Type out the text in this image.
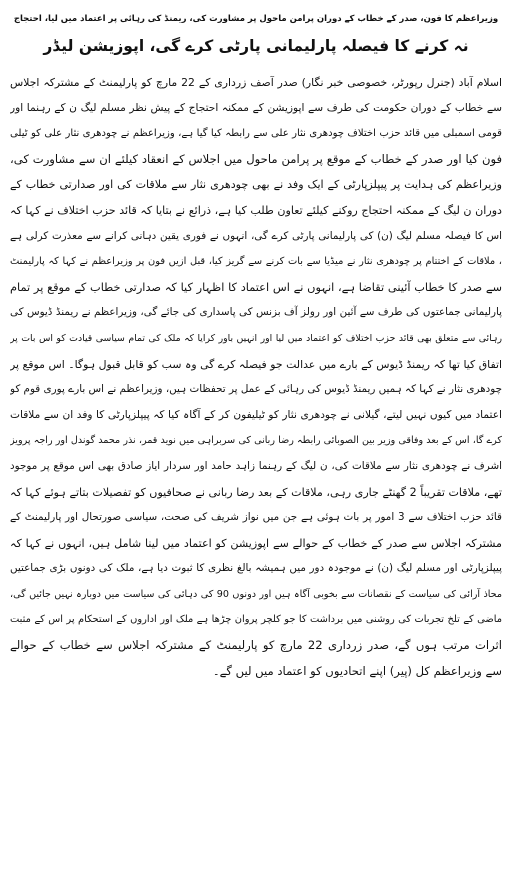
وزیراعظم کا فون، صدر کے خطاب کے دوران پرامن ماحول پر مشاورت کی، ریمنڈ کی رہائی پر اعتماد میں لیا، احتجاج
نہ کرنے کا فیصلہ پارلیمانی پارٹی کرے گی، اپوزیشن لیڈر
اسلام آباد (جنرل رپورٹر، خصوصی خبر نگار) صدر آصف زرداری کے 22 مارچ کو پارلیمنٹ کے مشترکہ اجلاس
سے خطاب کے دوران حکومت کی طرف سے اپوزیشن کے ممکنہ احتجاج کے پیش نظر مسلم لیگ ن کے رہنما اور
قومی اسمبلی میں قائد حزب اختلاف چودھری نثار علی سے رابطہ کیا گیا ہے، وزیراعظم نے چودھری نثار علی کو ٹیلی
فون کیا اور صدر کے خطاب کے موقع پر پرامن ماحول میں اجلاس کے انعقاد کیلئے ان سے مشاورت کی،
وزیراعظم کی ہدایت پر پیپلزپارٹی کے ایک وفد نے بھی چودھری نثار سے ملاقات کی اور صدارتی خطاب کے
دوران ن لیگ کے ممکنہ احتجاج روکنے کیلئے تعاون طلب کیا ہے، ذرائع نے بتایا کہ قائد حزب اختلاف نے کہا کہ
اس کا فیصلہ مسلم لیگ (ن) کی پارلیمانی پارٹی کرے گی، انہوں نے فوری یقین دہانی کرانے سے معذرت کرلی ہے
، ملاقات کے اختتام پر چودھری نثار نے میڈیا سے بات کرنے سے گریز کیا، قبل ازیں فون پر وزیراعظم نے کہا کہ پارلیمنٹ
سے صدر کا خطاب آئینی تقاضا ہے، انہوں نے اس اعتماد کا اظہار کیا کہ صدارتی خطاب کے موقع پر تمام
پارلیمانی جماعتوں کی طرف سے آئین اور رولز آف بزنس کی پاسداری کی جائے گی، وزیراعظم نے ریمنڈ ڈیوس کی
رہائی سے متعلق بھی قائد حزب اختلاف کو اعتماد میں لیا اور انہیں باور کرایا کہ ملک کی تمام سیاسی قیادت کو اس بات پر
اتفاق کیا تھا کہ ریمنڈ ڈیوس کے بارے میں عدالت جو فیصلہ کرے گی وہ سب کو قابل قبول ہوگا۔ اس موقع پر
چودھری نثار نے کہا کہ ہمیں ریمنڈ ڈیوس کی رہائی کے عمل پر تحفظات ہیں، وزیراعظم نے اس بارے پوری قوم کو
اعتماد میں کیوں نہیں لیتے، گیلانی نے چودھری نثار کو ٹیلیفون کر کے آگاہ کیا کہ پیپلزپارٹی کا وفد ان سے ملاقات
کرے گا، اس کے بعد وفاقی وزیر بین الصوبائی رابطہ رضا ربانی کی سربراہی میں نوید قمر، نذر محمد گوندل اور راجہ پرویز
اشرف نے چودھری نثار سے ملاقات کی، ن لیگ کے رہنما زاہد حامد اور سردار ایاز صادق بھی اس موقع پر موجود
تھے، ملاقات تقریباً 2 گھنٹے جاری رہی، ملاقات کے بعد رضا ربانی نے صحافیوں کو تفصیلات بتاتے ہوئے کہا کہ
قائد حزب اختلاف سے 3 امور پر بات ہوئی ہے جن میں نواز شریف کی صحت، سیاسی صورتحال اور پارلیمنٹ کے
مشترکہ اجلاس سے صدر کے خطاب کے حوالے سے اپوزیشن کو اعتماد میں لینا شامل ہیں، انہوں نے کہا کہ
پیپلزپارٹی اور مسلم لیگ (ن) نے موجودہ دور میں ہمیشہ بالغ نظری کا ثبوت دیا ہے، ملک کی دونوں بڑی جماعتیں
محاذ آرائی کی سیاست کے نقصانات سے بخوبی آگاہ ہیں اور دونوں 90 کی دہائی کی سیاست میں دوبارہ نہیں جائیں گی،
ماضی کے تلخ تجربات کی روشنی میں برداشت کا جو کلچر پروان چڑھا ہے ملک اور اداروں کے استحکام پر اس کے مثبت
اثرات مرتب ہوں گے، صدر زرداری 22 مارچ کو پارلیمنٹ کے مشترکہ اجلاس سے خطاب کے حوالے
سے وزیراعظم کل (پیر) اپنے اتحادیوں کو اعتماد میں لیں گے۔
